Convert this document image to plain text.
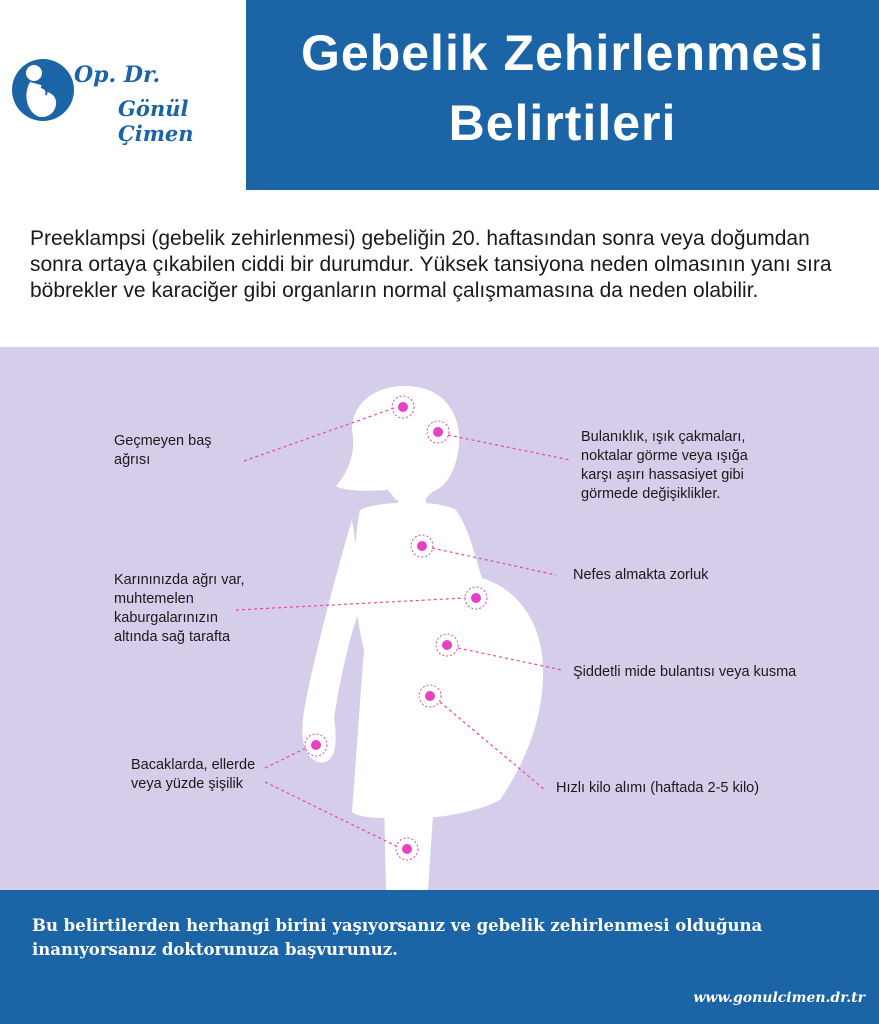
Op. Dr.
Gönül Çimen
Gebelik Zehirlenmesi
Belirtileri
Preeklampsi (gebelik zehirlenmesi) gebeliğin 20. haftasından sonra veya doğumdan sonra ortaya çıkabilen ciddi bir durumdur. Yüksek tansiyona neden olmasının yanı sıra böbrekler ve karaciğer gibi organların normal çalışmamasına da neden olabilir.
Geçmeyen baş
ağrısı
Bulanıklık, ışık çakmaları,
noktalar görme veya ışığa
karşı aşırı hassasiyet gibi
görmede değişiklikler.
Nefes almakta zorluk
Karınınızda ağrı var,
muhtemelen
kaburgalarınızın
altında sağ tarafta
Şiddetli mide bulantısı veya kusma
Bacaklarda, ellerde
veya yüzde şişilik	Hızlı kilo alımı (haftada 2-5 kilo)
Bu belirtilerden herhangi birini yaşıyorsanız ve gebelik zehirlenmesi olduğuna
inanıyorsanız doktorunuza başvurunuz.
www.gonulcimen.dr.tr
